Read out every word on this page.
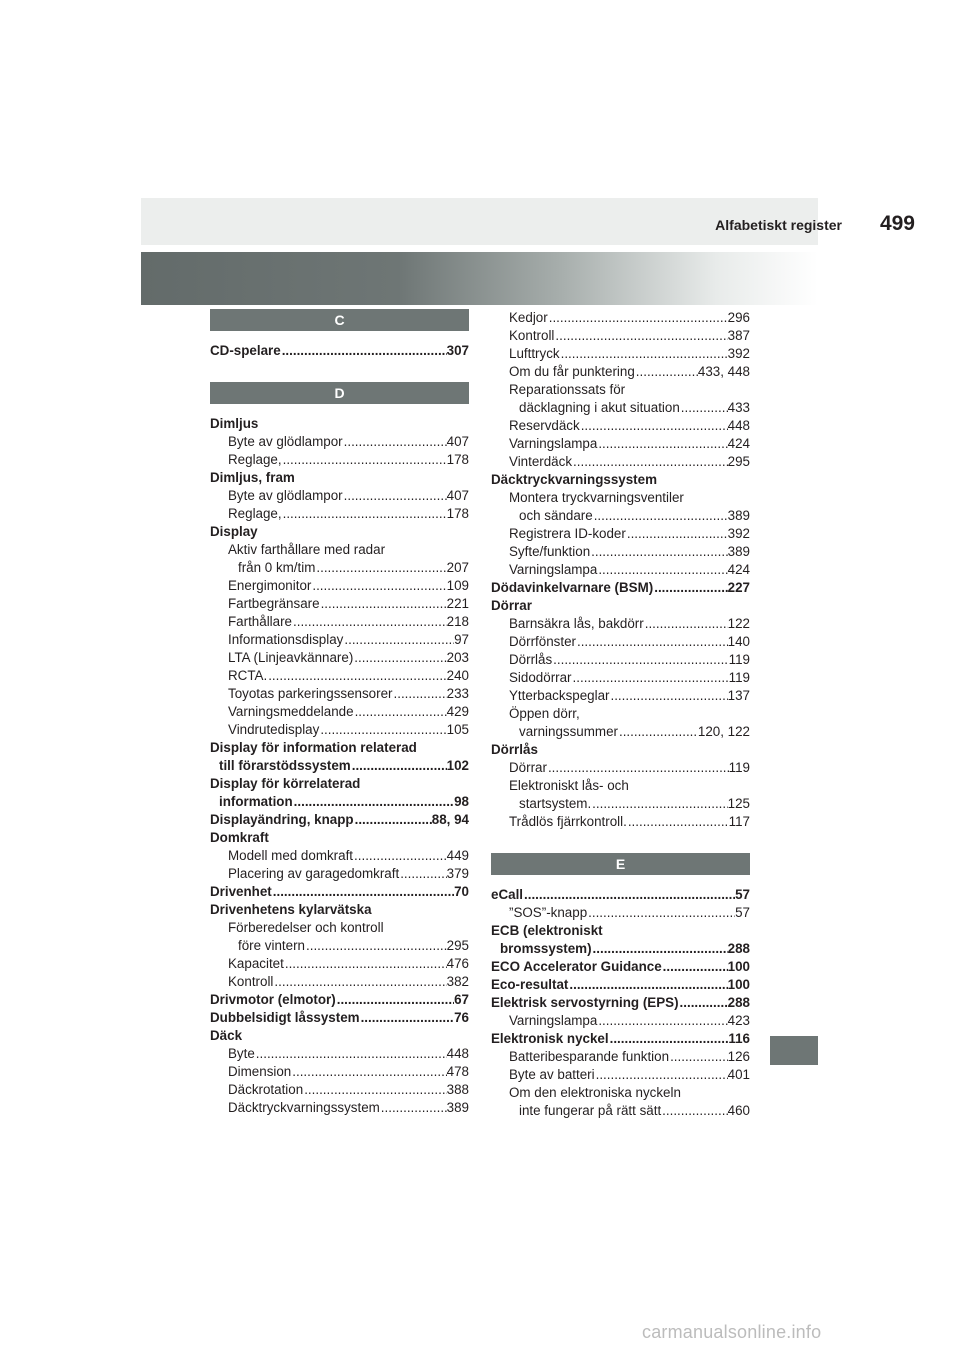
Alfabetiskt register 499
C
CD-spelare .....	307
D
Dimljus
Byte av glödlampor .....	407
Reglage, .....	178
Dimljus, fram
Byte av glödlampor .....	407
Reglage, .....	178
Display
Aktiv farthållare med radar
från 0 km/tim .....	207
Energimonitor .....	109
Fartbegränsare .....	221
Farthållare .....	218
Informationsdisplay .....	97
LTA (Linjeavkännare) .....	203
RCTA. .....	240
Toyotas parkeringssensorer .....	233
Varningsmeddelande .....	429
Vindrutedisplay .....	105
Display för information relaterad
till förarstödssystem .....	102
Display för körrelaterad
information .....	98
Displayändring, knapp .....	88, 94
Domkraft
Modell med domkraft .....	449
Placering av garagedomkraft .....	379
Drivenhet .....	70
Drivenhetens kylarvätska
Förberedelser och kontroll
före vintern .....	295
Kapacitet .....	476
Kontroll .....	382
Drivmotor (elmotor) .....	67
Dubbelsidigt låssystem .....	76
Däck
Byte .....	448
Dimension .....	478
Däckrotation .....	388
Däcktryckvarningssystem .....	389
Kedjor .....	296
Kontroll .....	387
Lufttryck .....	392
Om du får punktering .....	433, 448
Reparationssats för
däcklagning i akut situation .....	433
Reservdäck .....	448
Varningslampa .....	424
Vinterdäck .....	295
Däcktryckvarningssystem
Montera tryckvarningsventiler
och sändare .....	389
Registrera ID-koder .....	392
Syfte/funktion .....	389
Varningslampa .....	424
Dödavinkelvarnare (BSM) .....	227
Dörrar
Barnsäkra lås, bakdörr .....	122
Dörrfönster .....	140
Dörrlås .....	119
Sidodörrar .....	119
Ytterbackspeglar .....	137
Öppen dörr,
varningssummer .....	120, 122
Dörrlås
Dörrar .....	119
Elektroniskt lås- och
startsystem. .....	125
Trådlös fjärrkontroll. .....	117
E
eCall .....	57
”SOS”-knapp .....	57
ECB (elektroniskt
bromssystem) .....	288
ECO Accelerator Guidance .....	100
Eco-resultat .....	100
Elektrisk servostyrning (EPS) .....	288
Varningslampa .....	423
Elektronisk nyckel .....	116
Batteribesparande funktion .....	126
Byte av batteri .....	401
Om den elektroniska nyckeln
inte fungerar på rätt sätt .....	460
carmanualsonline.info
